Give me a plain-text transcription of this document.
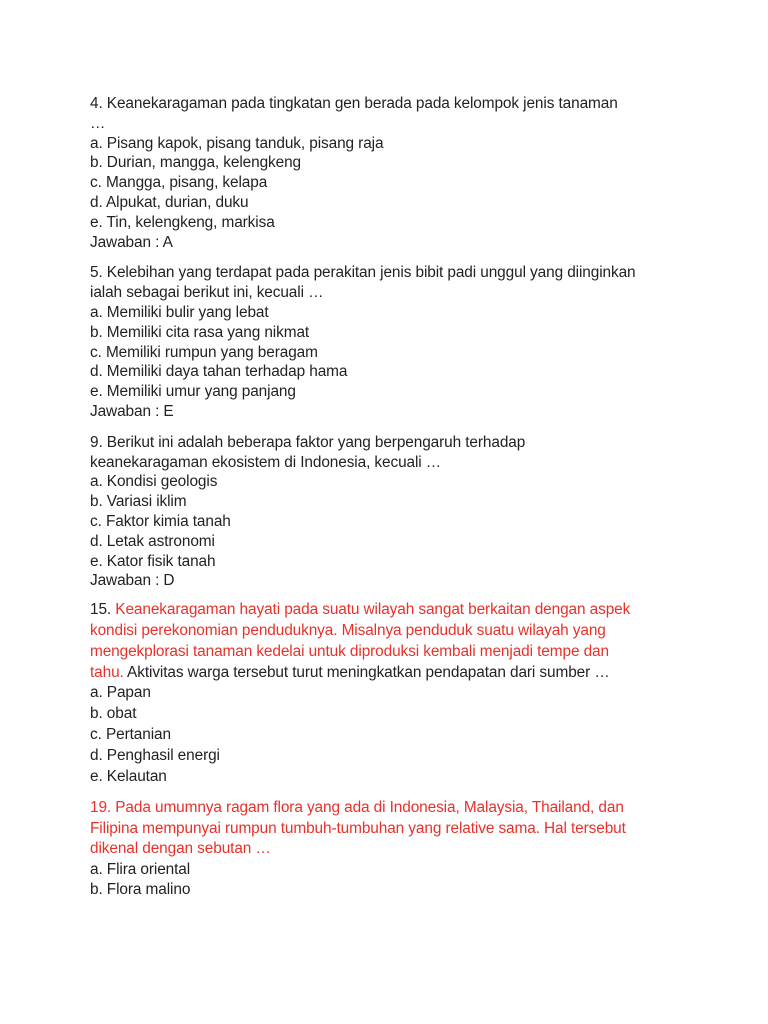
4. Keanekaragaman pada tingkatan gen berada pada kelompok jenis tanaman
…
a. Pisang kapok, pisang tanduk, pisang raja
b. Durian, mangga, kelengkeng
c. Mangga, pisang, kelapa
d. Alpukat, durian, duku
e. Tin, kelengkeng, markisa
Jawaban : A
5. Kelebihan yang terdapat pada perakitan jenis bibit padi unggul yang diinginkan
ialah sebagai berikut ini, kecuali …
a. Memiliki bulir yang lebat
b. Memiliki cita rasa yang nikmat
c. Memiliki rumpun yang beragam
d. Memiliki daya tahan terhadap hama
e. Memiliki umur yang panjang
Jawaban : E
9. Berikut ini adalah beberapa faktor yang berpengaruh terhadap
keanekaragaman ekosistem di Indonesia, kecuali …
a. Kondisi geologis
b. Variasi iklim
c. Faktor kimia tanah
d. Letak astronomi
e. Kator fisik tanah
Jawaban : D
15. Keanekaragaman hayati pada suatu wilayah sangat berkaitan dengan aspek
kondisi perekonomian penduduknya. Misalnya penduduk suatu wilayah yang
mengekplorasi tanaman kedelai untuk diproduksi kembali menjadi tempe dan
tahu. Aktivitas warga tersebut turut meningkatkan pendapatan dari sumber …
a. Papan
b. obat
c. Pertanian
d. Penghasil energi
e. Kelautan
19. Pada umumnya ragam flora yang ada di Indonesia, Malaysia, Thailand, dan
Filipina mempunyai rumpun tumbuh-tumbuhan yang relative sama. Hal tersebut
dikenal dengan sebutan …
a. Flira oriental
b. Flora malino
